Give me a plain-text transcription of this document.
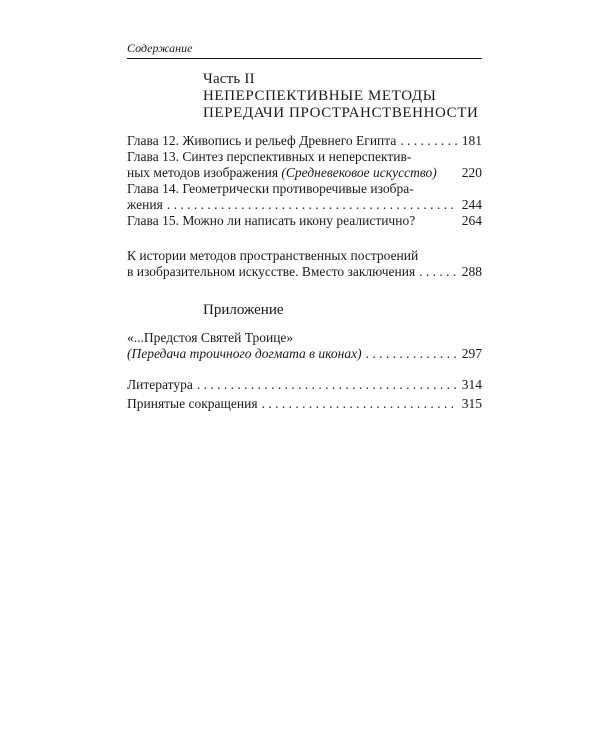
Содержание
Часть II
НЕПЕРСПЕКТИВНЫЕ МЕТОДЫ
ПЕРЕДАЧИ ПРОСТРАНСТВЕННОСТИ
Глава 12. Живопись и рельеф Древнего Египта . . .	181
Глава 13. Синтез перспективных и неперспектив-
ных методов изображения (Средневековое искусство) 220
Глава 14. Геометрически противоречивые изобра-
жения . . .	244
Глава 15. Можно ли написать икону реалистично?	264
К истории методов пространственных построений
в изобразительном искусстве. Вместо заключения . . .	288
Приложение
«...Предстоя Святей Троице»
(Передача троичного догмата в иконах) . . .	297
Литература . . .	314
Принятые сокращения . . .	315
